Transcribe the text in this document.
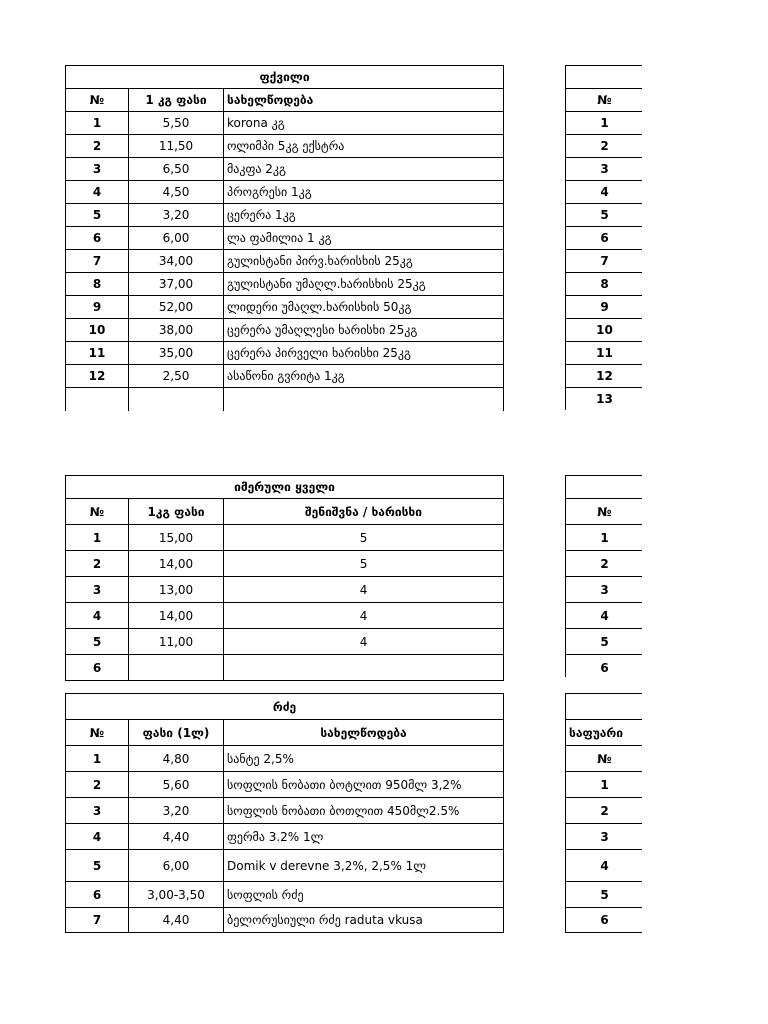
ფქვილი		
№	1 კგ ფასი	სახელწოდება
1	5,50	korona კგ
2	11,50	ოლიმპი 5კგ ექსტრა
3	6,50	მაკფა 2კგ
4	4,50	პროგრესი 1კგ
5	3,20	ცერერა 1კგ
6	6,00	ლა ფამილია 1 კგ
7	34,00	გულისტანი პირვ.ხარისხის 25კგ
8	37,00	გულისტანი უმაღლ.ხარისხის 25კგ
9	52,00	ლიდერი უმაღლ.ხარისხის 50კგ
10	38,00	ცერერა უმაღლესი ხარისხი 25კგ
11	35,00	ცერერა პირველი ხარისხი 25კგ
12	2,50	ასაწონი გვრიტა 1კგ

№
1
2
3
4
5
6
7
8
9
10
11
12
13
იმერული ყველი		
№	1კგ ფასი	შენიშვნა / ხარისხი
1	15,00	5
2	14,00	5
3	13,00	4
4	14,00	4
5	11,00	4
6		

№
1
2
3
4
5
6
რძე		
№	ფასი (1ლ)	სახელწოდება
1	4,80	სანტე 2,5%
2	5,60	სოფლის ნობათი ბოტლით 950მლ 3,2%
3	3,20	სოფლის ნობათი ბოთლით 450მლ2.5%
4	4,40	ფერმა 3.2% 1ლ
5	6,00	Domik v derevne 3,2%, 2,5% 1ლ
6	3,00-3,50	სოფლის რძე
7	4,40	ბელორუსიული რძე raduta vkusa

საფუარი
№
1
2
3
4
5
6
